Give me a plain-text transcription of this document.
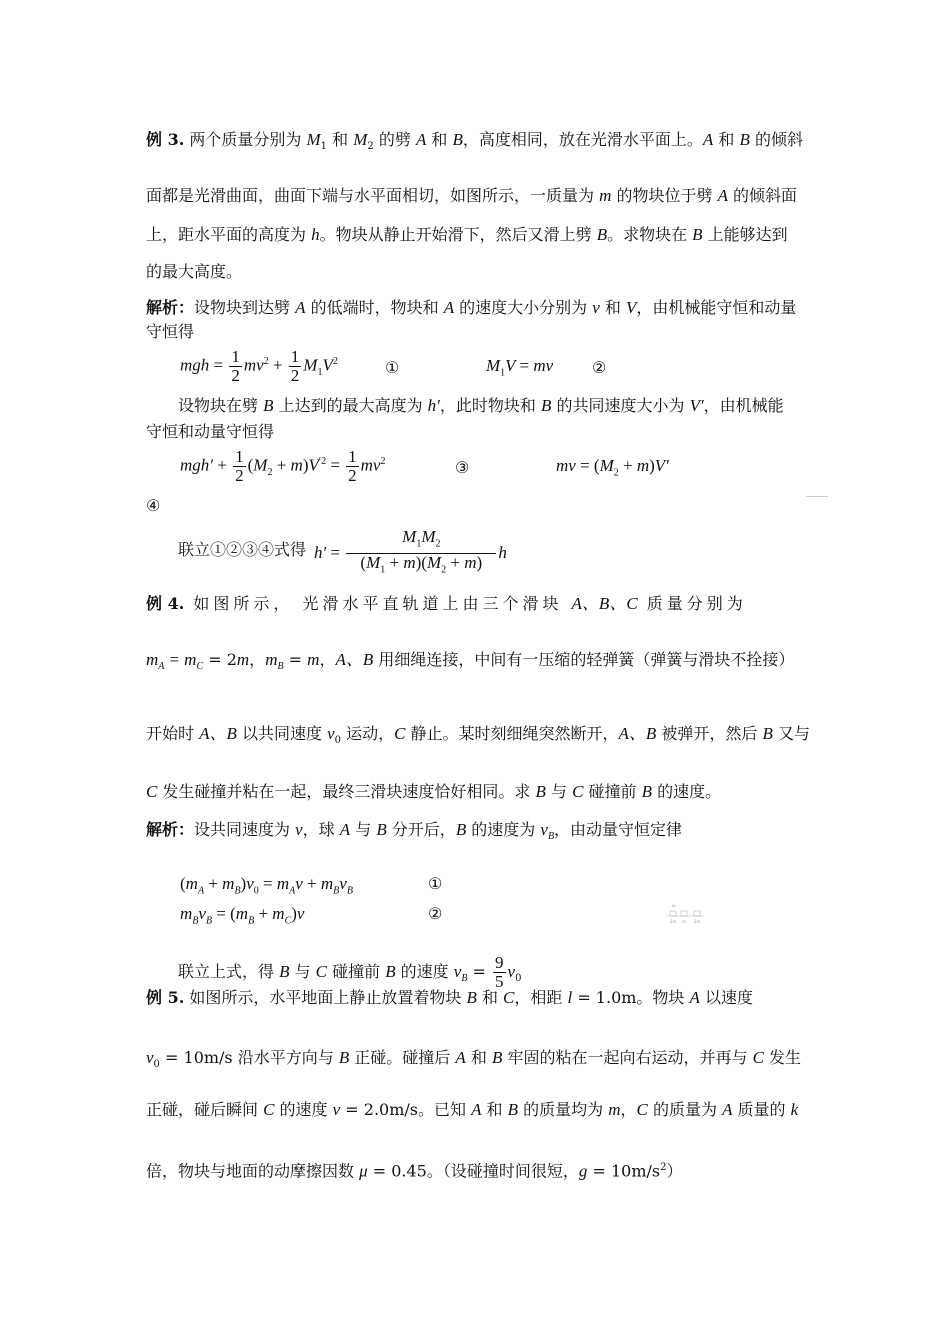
例 3. 两个质量分别为 $M_1$ 和 $M_2$ 的劈 A 和 B，高度相同，放在光滑水平面上。A 和 B 的倾斜
面都是光滑曲面，曲面下端与水平面相切，如图所示，一质量为 m 的物块位于劈 A 的倾斜面
上，距水平面的高度为 h。物块从静止开始滑下，然后又滑上劈 B。求物块在 B 上能够达到
的最大高度。
解析：设物块到达劈 A 的低端时，物块和 A 的速度大小分别为 v 和 V，由机械能守恒和动量
守恒得
mgh = $\frac{1}{2} mv^2 + \frac{1}{2} M_1V^2$	①	$M_1V$ = mv ②
设物块在劈 B 上达到的最大高度为 h′，此时物块和 B 的共同速度大小为 V′，由机械能
守恒和动量守恒得
$mgh' + \frac{1}{2} (M_2 + m)V^{'2} = \frac{1}{2} mv^2$	③	mv = $(M_2 + m)V'$
④
联立①②③④式得 $h' = \frac{M_1M_2}{(M_1 + m)(M_2 + m)}$ h
例 4. 如图所示， 光滑水平直轨道上由三个滑块 A、B、C 质量分别为
$m_A = m_C = 2m$，$m_B = m$，A、B 用细绳连接，中间有一压缩的轻弹簧（弹簧与滑块不拴接）
开始时 A、B 以共同速度 $v_0$ 运动，C 静止。某时刻细绳突然断开，A、B 被弹开，然后 B 又与
C 发生碰撞并粘在一起，最终三滑块速度恰好相同。求 B 与 C 碰撞前 B 的速度。
解析：设共同速度为 v，球 A 与 B 分开后，B 的速度为 $v_B$，由动量守恒定律
$(m_A + m_B)v_0 = m_Av + m_Bv_B$	①
$m_Bv_B = (m_B + m_C)v$	②	v₀
2m m 2m
联立上式，得 B 与 C 碰撞前 B 的速度 $v_B = \frac{9}{5} v_0$
例 5. 如图所示，水平地面上静止放置着物块 B 和 C，相距 l = 1.0m。物块 A 以速度
$v_0 = 10m/s$ 沿水平方向与 B 正碰。碰撞后 A 和 B 牢固的粘在一起向右运动，并再与 C 发生
正碰，碰后瞬间 C 的速度 v = 2.0m/s。已知 A 和 B 的质量均为 m，C 的质量为 A 质量的 k
倍，物块与地面的动摩擦因数 μ = 0.45。（设碰撞时间很短，$g = 10m/s^2$）
